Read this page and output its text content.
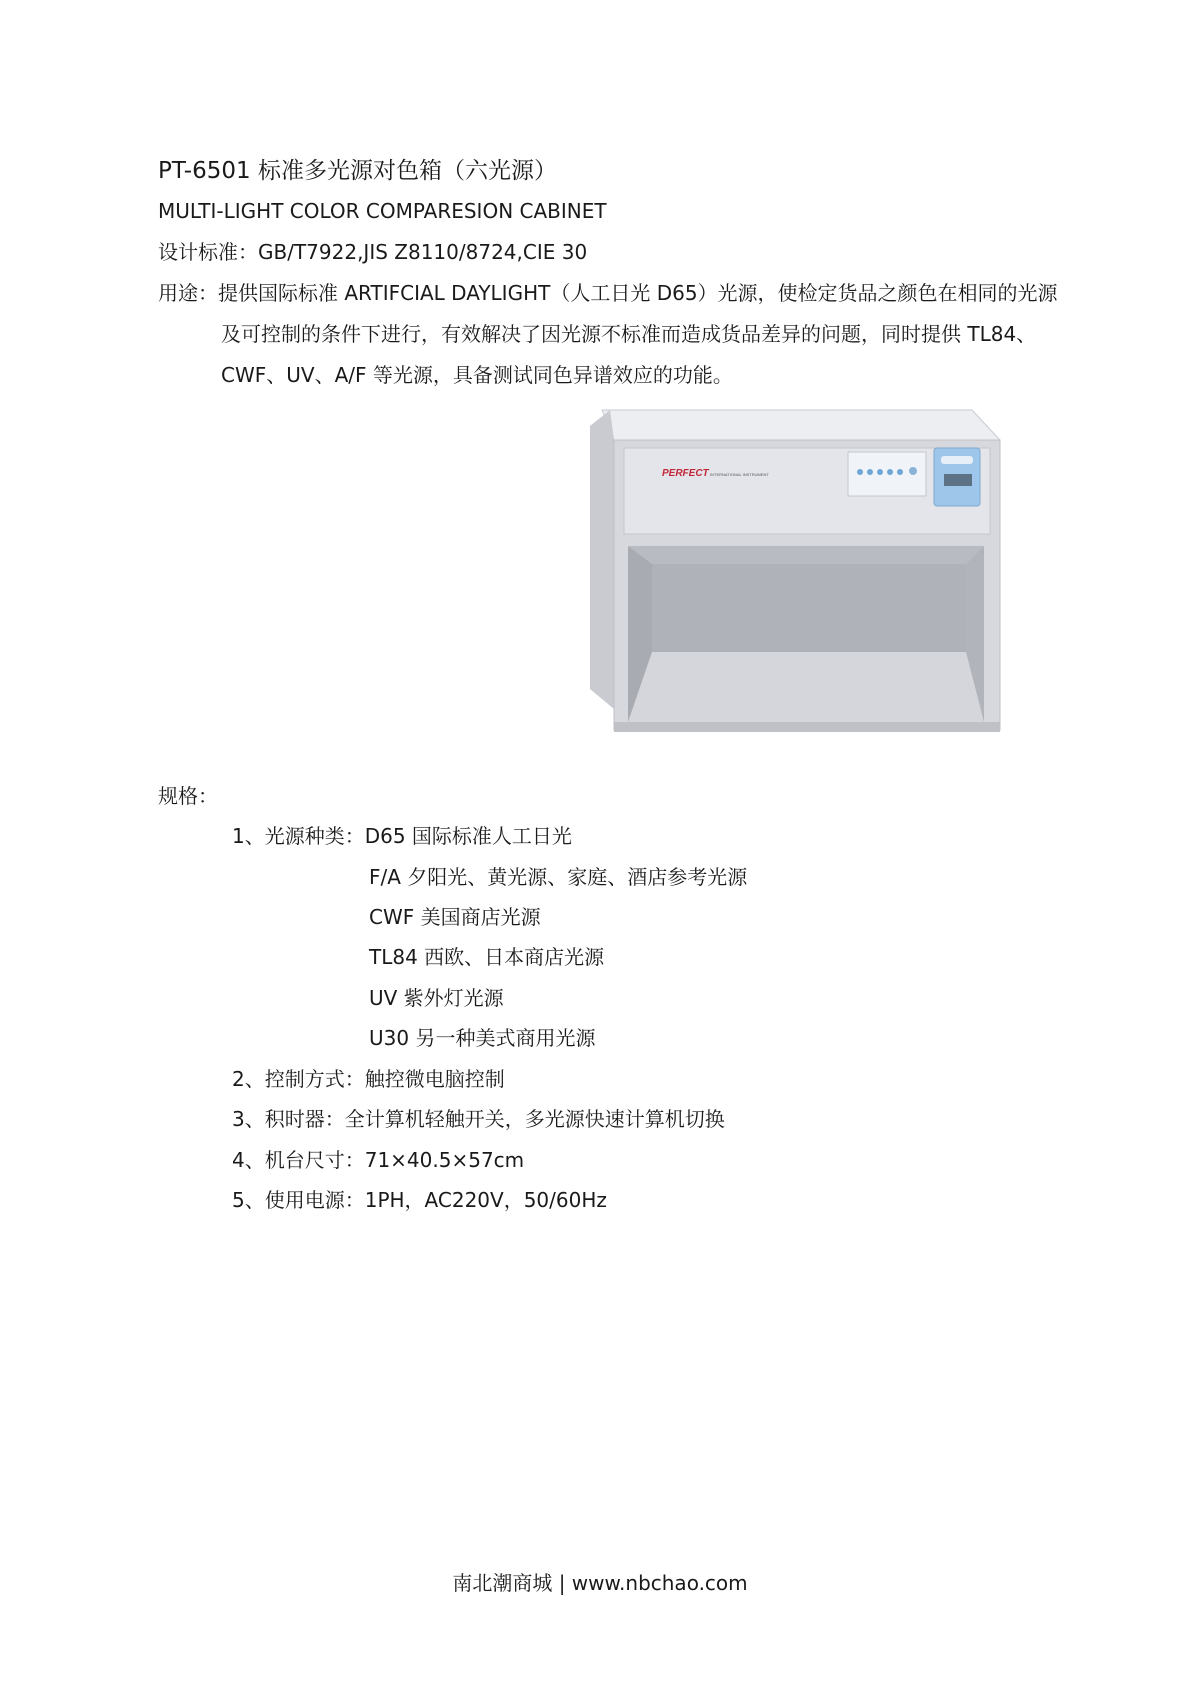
PT-6501 标准多光源对色箱（六光源）
MULTI-LIGHT COLOR COMPARESION CABINET
设计标准：GB/T7922,JIS Z8110/8724,CIE 30
用途：提供国际标准 ARTIFCIAL DAYLIGHT（人工日光 D65）光源，使检定货品之颜色在相同的光源
及可控制的条件下进行，有效解决了因光源不标准而造成货品差异的问题，同时提供 TL84、
CWF、UV、A/F 等光源，具备测试同色异谱效应的功能。
PERFECT INTERNATIONAL INSTRUMENT
规格：
1、光源种类：D65 国际标准人工日光
F/A 夕阳光、黄光源、家庭、酒店参考光源
CWF 美国商店光源
TL84 西欧、日本商店光源
UV 紫外灯光源
U30 另一种美式商用光源
2、控制方式：触控微电脑控制
3、积时器：全计算机轻触开关，多光源快速计算机切换
4、机台尺寸：71×40.5×57cm
5、使用电源：1PH，AC220V，50/60Hz
南北潮商城 | www.nbchao.com
